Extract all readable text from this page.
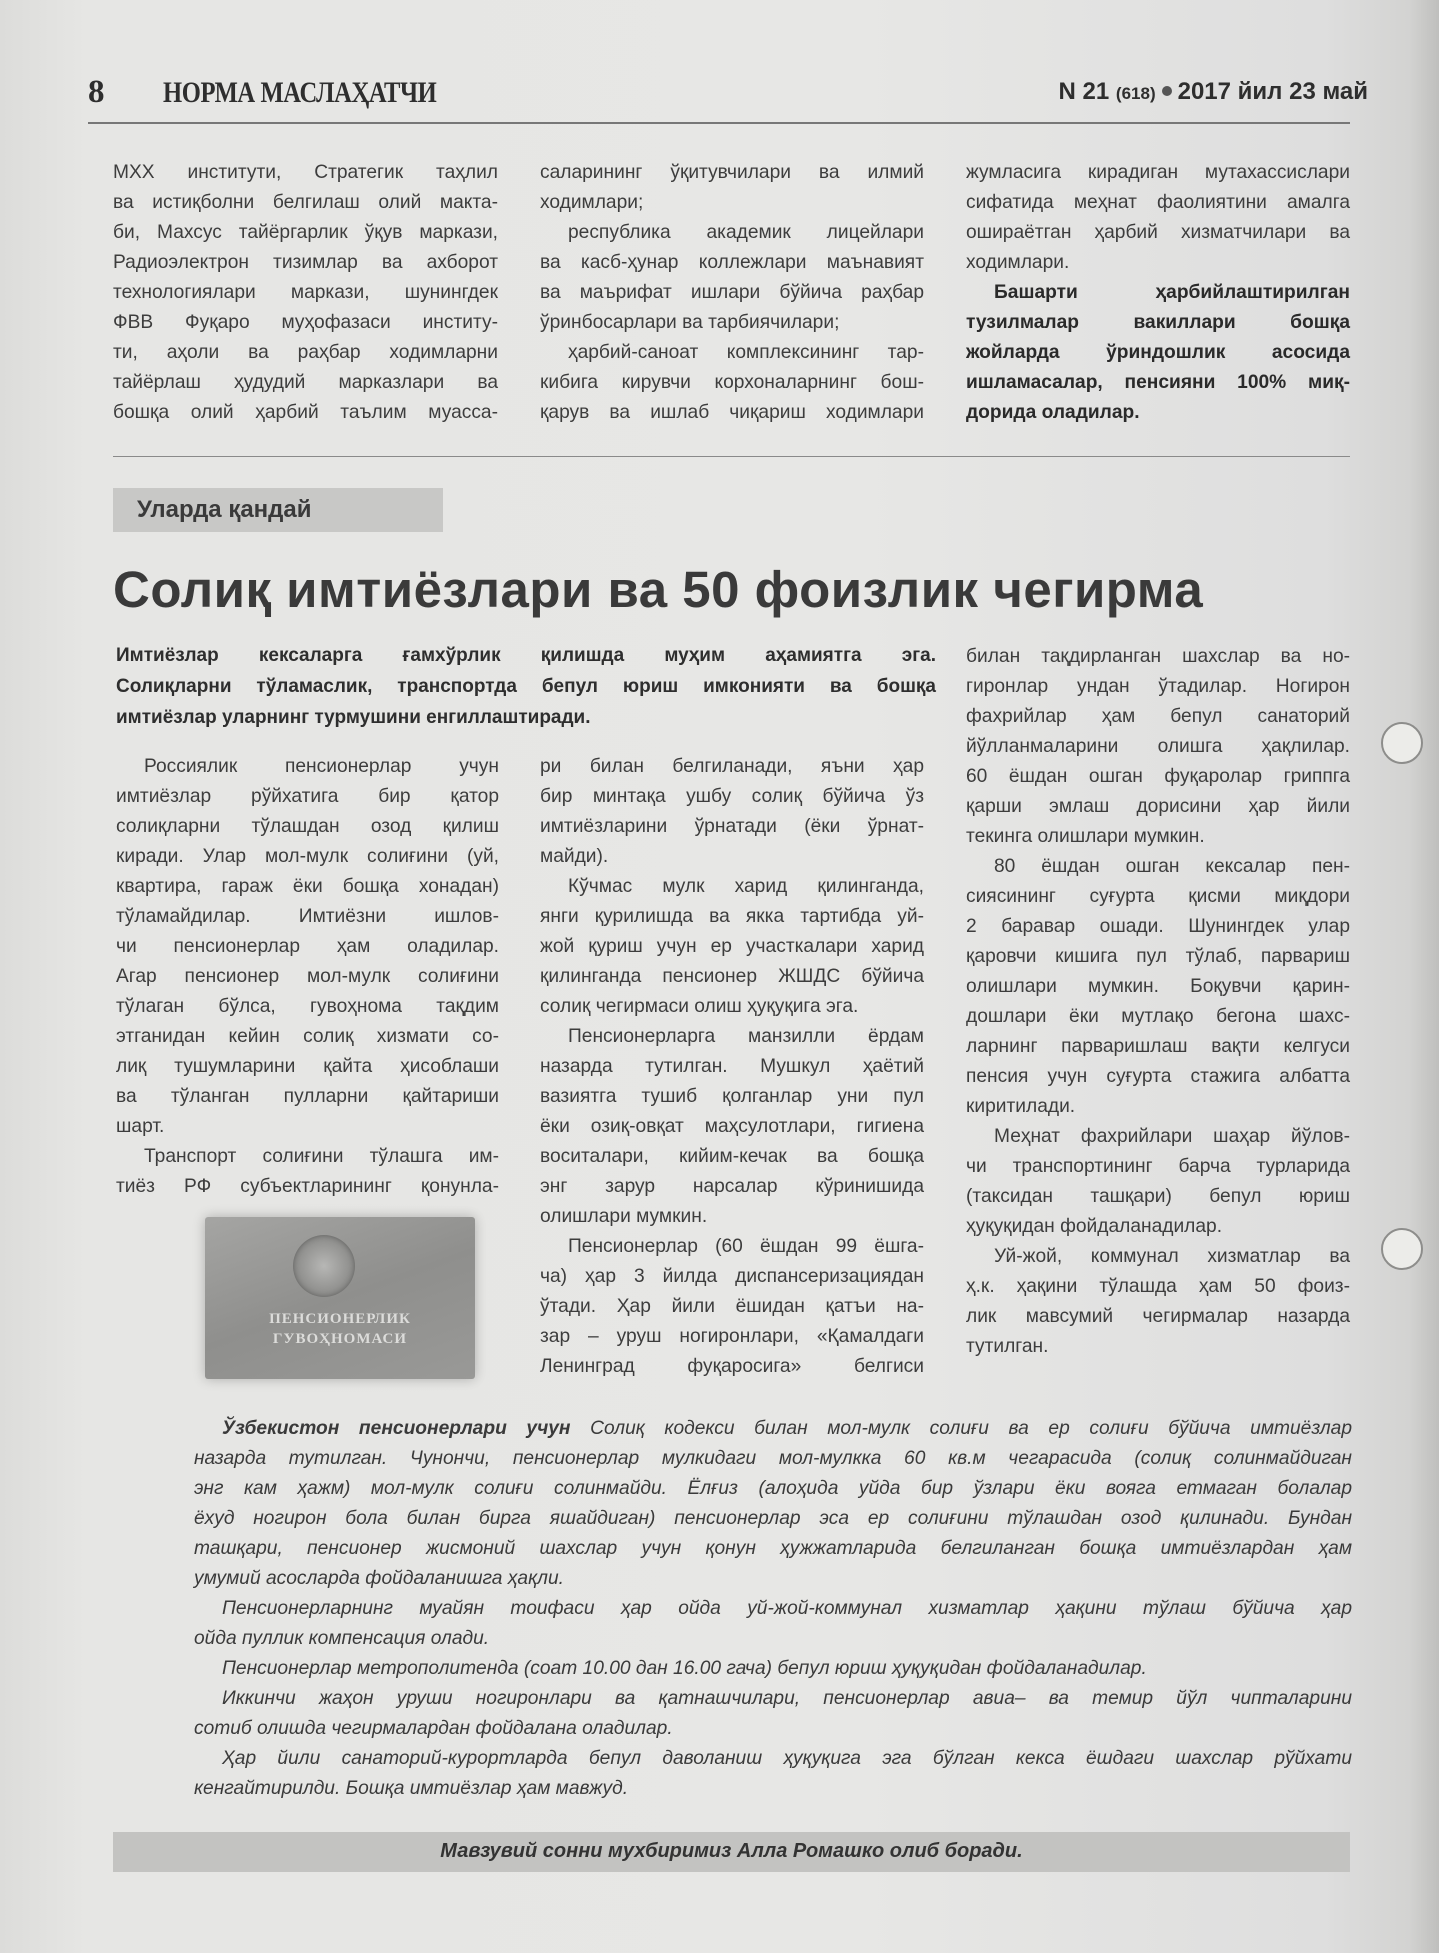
8 НОРМА МАСЛАҲАТЧИ	N 21 (618) 2017 йил 23 май
МХХ институти, Стратегик таҳлил
ва истиқболни белгилаш олий макта-
би, Махсус тайёргарлик ўқув маркази,
Радиоэлектрон тизимлар ва ахборот
технологиялари маркази, шунингдек
ФВВ Фуқаро муҳофазаси институ-
ти, аҳоли ва раҳбар ходимларни
тайёрлаш ҳудудий марказлари ва
бошқа олий ҳарбий таълим муасса-
саларининг ўқитувчилари ва илмий
ходимлари;
республика академик лицейлари
ва касб-ҳунар коллежлари маънавият
ва маърифат ишлари бўйича раҳбар
ўринбосарлари ва тарбиячилари;
ҳарбий-саноат комплексининг тар-
кибига кирувчи корхоналарнинг бош-
қарув ва ишлаб чиқариш ходимлари
жумласига кирадиган мутахассислари
сифатида меҳнат фаолиятини амалга
ошираётган ҳарбий хизматчилари ва
ходимлари.
Башарти ҳарбийлаштирилган
тузилмалар вакиллари бошқа
жойларда ўриндошлик асосида
ишламасалар, пенсияни 100% миқ-
дорида оладилар.
Уларда қандай
Солиқ имтиёзлари ва 50 фоизлик чегирма
Имтиёзлар кексаларга ғамхўрлик қилишда муҳим аҳамиятга эга.
Солиқларни тўламаслик, транспортда бепул юриш имконияти ва бошқа
имтиёзлар уларнинг турмушини енгиллаштиради.
Россиялик пенсионерлар учун
имтиёзлар рўйхатига бир қатор
солиқларни тўлашдан озод қилиш
киради. Улар мол-мулк солиғини (уй,
квартира, гараж ёки бошқа хонадан)
тўламайдилар. Имтиёзни ишлов-
чи пенсионерлар ҳам оладилар.
Агар пенсионер мол-мулк солиғини
тўлаган бўлса, гувоҳнома тақдим
этганидан кейин солиқ хизмати со-
лиқ тушумларини қайта ҳисоблаши
ва тўланган пулларни қайтариши
шарт.
Транспорт солиғини тўлашга им-
тиёз РФ субъектларининг қонунла-
ри билан белгиланади, яъни ҳар
бир минтақа ушбу солиқ бўйича ўз
имтиёзларини ўрнатади (ёки ўрнат-
майди).
Кўчмас мулк харид қилинганда,
янги қурилишда ва якка тартибда уй-
жой қуриш учун ер участкалари харид
қилинганда пенсионер ЖШДС бўйича
солиқ чегирмаси олиш ҳуқуқига эга.
Пенсионерларга манзилли ёрдам
назарда тутилган. Мушкул ҳаётий
вазиятга тушиб қолганлар уни пул
ёки озиқ-овқат маҳсулотлари, гигиена
воситалари, кийим-кечак ва бошқа
энг зарур нарсалар кўринишида
олишлари мумкин.
Пенсионерлар (60 ёшдан 99 ёшга-
ча) ҳар 3 йилда диспансеризациядан
ўтади. Ҳар йили ёшидан қатъи на-
зар – уруш ногиронлари, «Қамалдаги
Ленинград фуқаросига» белгиси
билан тақдирланган шахслар ва но-
гиронлар ундан ўтадилар. Ногирон
фахрийлар ҳам бепул санаторий
йўлланмаларини олишга ҳақлилар.
60 ёшдан ошган фуқаролар гриппга
қарши эмлаш дорисини ҳар йили
текинга олишлари мумкин.
80 ёшдан ошган кексалар пен-
сиясининг суғурта қисми миқдори
2 баравар ошади. Шунингдек улар
қаровчи кишига пул тўлаб, парвариш
олишлари мумкин. Боқувчи қарин-
дошлари ёки мутлақо бегона шахс-
ларнинг парваришлаш вақти келгуси
пенсия учун суғурта стажига албатта
киритилади.
Меҳнат фахрийлари шаҳар йўлов-
чи транспортининг барча турларида
(таксидан ташқари) бепул юриш
ҳуқуқидан фойдаланадилар.
Уй-жой, коммунал хизматлар ва
ҳ.к. ҳақини тўлашда ҳам 50 фоиз-
лик мавсумий чегирмалар назарда
тутилган.
ПЕНСИОНЕРЛИК
ГУВОҲНОМАСИ
Ўзбекистон пенсионерлари учун Солиқ кодекси билан мол-мулк солиғи ва ер солиғи бўйича имтиёзлар
назарда тутилган. Чунончи, пенсионерлар мулкидаги мол-мулкка 60 кв.м чегарасида (солиқ солинмайдиган
энг кам ҳажм) мол-мулк солиғи солинмайди. Ёлғиз (алоҳида уйда бир ўзлари ёки вояга етмаган болалар
ёхуд ногирон бола билан бирга яшайдиган) пенсионерлар эса ер солиғини тўлашдан озод қилинади. Бундан
ташқари, пенсионер жисмоний шахслар учун қонун ҳужжатларида белгиланган бошқа имтиёзлардан ҳам
умумий асосларда фойдаланишга ҳақли.
Пенсионерларнинг муайян тоифаси ҳар ойда уй-жой-коммунал хизматлар ҳақини тўлаш бўйича ҳар
ойда пуллик компенсация олади.
Пенсионерлар метрополитенда (соат 10.00 дан 16.00 гача) бепул юриш ҳуқуқидан фойдаланадилар.
Иккинчи жаҳон уруши ногиронлари ва қатнашчилари, пенсионерлар авиа– ва темир йўл чипталарини
сотиб олишда чегирмалардан фойдалана оладилар.
Ҳар йили санаторий-курортларда бепул даволаниш ҳуқуқига эга бўлган кекса ёшдаги шахслар рўйхати
кенгайтирилди. Бошқа имтиёзлар ҳам мавжуд.
Мавзувий сонни мухбиримиз Алла Ромашко олиб боради.
